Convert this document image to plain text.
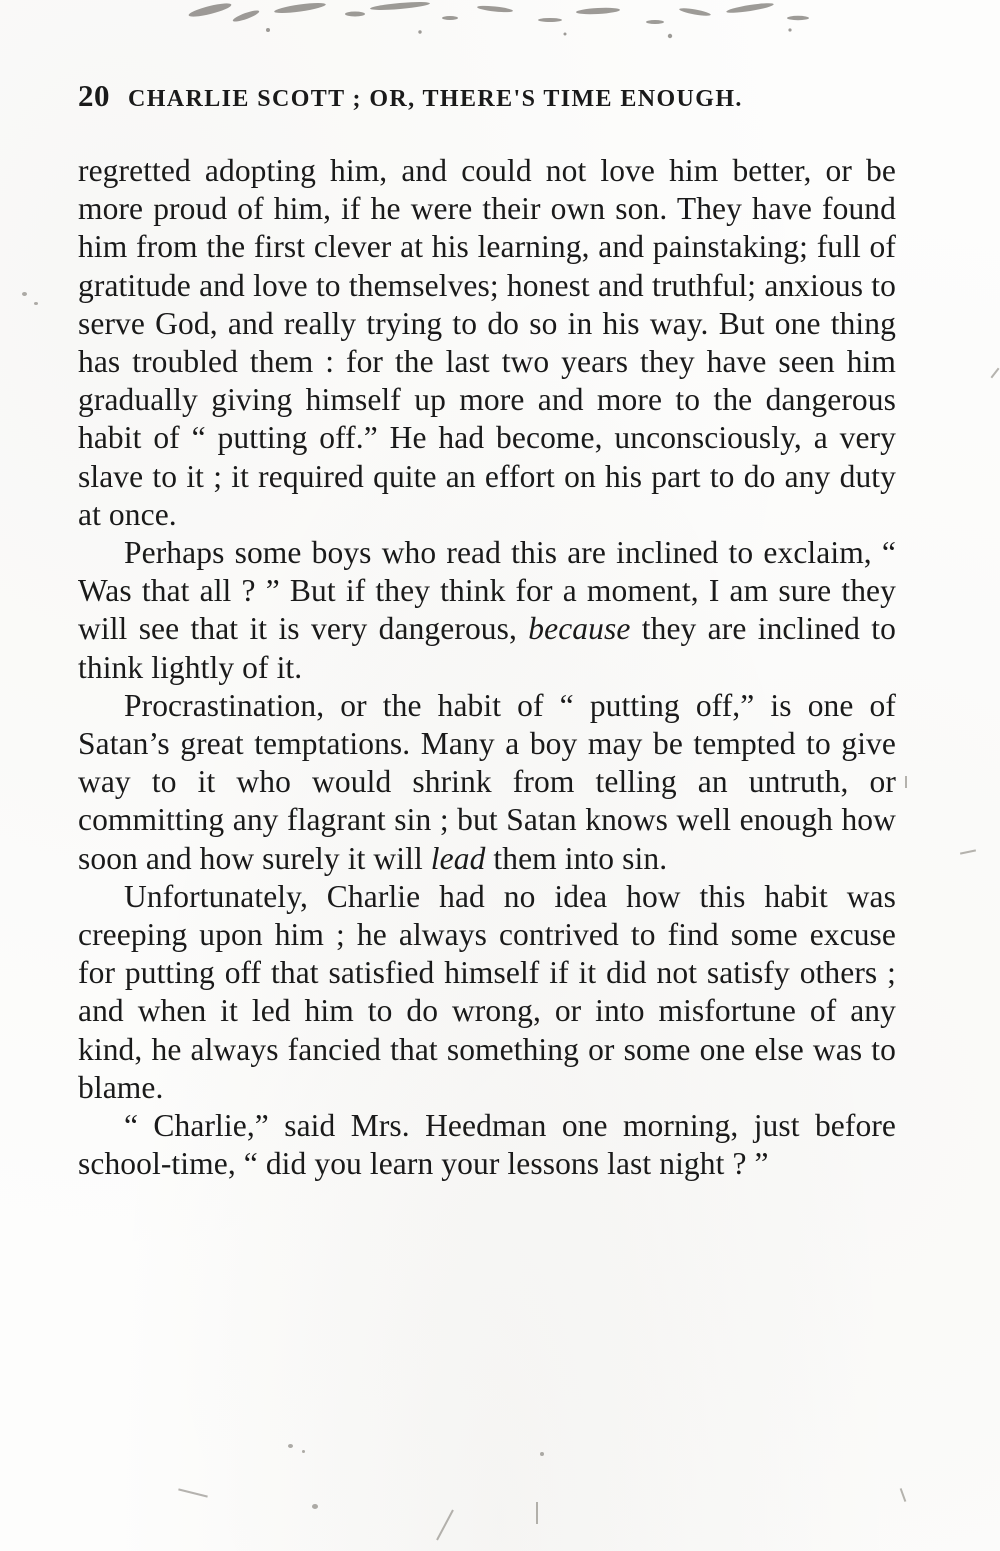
20 CHARLIE SCOTT ; OR, THERE'S TIME ENOUGH.

regretted adopting him, and could not love him better, or be more proud of him, if he were their own son. They have found him from the first clever at his learning, and painstaking; full of gratitude and love to themselves; honest and truthful; anxious to serve God, and really trying to do so in his way. But one thing has troubled them : for the last two years they have seen him gradually giving himself up more and more to the dangerous habit of “ putting off.” He had become, unconsciously, a very slave to it ; it required quite an effort on his part to do any duty at once.

Perhaps some boys who read this are inclined to exclaim, “ Was that all ? ” But if they think for a moment, I am sure they will see that it is very dangerous, because they are inclined to think lightly of it.

Procrastination, or the habit of “ putting off,” is one of Satan’s great temptations. Many a boy may be tempted to give way to it who would shrink from telling an untruth, or committing any flagrant sin ; but Satan knows well enough how soon and how surely it will lead them into sin.

Unfortunately, Charlie had no idea how this habit was creeping upon him ; he always contrived to find some excuse for putting off that satisfied himself if it did not satisfy others ; and when it led him to do wrong, or into misfortune of any kind, he always fancied that something or some one else was to blame.

“ Charlie,” said Mrs. Heedman one morning, just before school-time, “ did you learn your lessons last night ? ”
